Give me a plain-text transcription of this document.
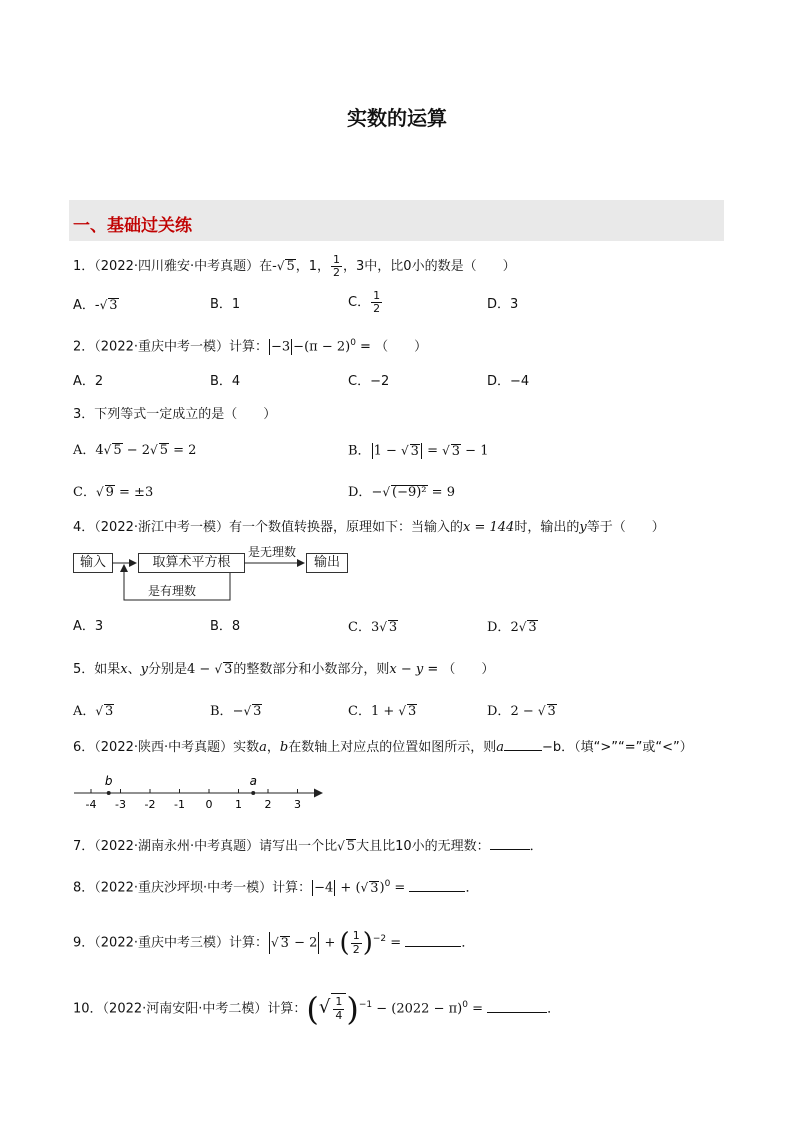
实数的运算
一、基础过关练
1．（2022·四川雅安·中考真题）在-√ 5，1， $\frac{1}{2}$ ，3中，比0小的数是（　　）
A．-√ 3	B．1	C． $\frac{1}{2}$	D．3
2．（2022·重庆中考一模）计算： $-3 -(\pi - 2)^0$ = （　　）
A．2	B．4	C．−2	D．−4
3．下列等式一定成立的是（　　）
A．4√ 5 − 2√ 5 = 2	B． 1 − √ 3 = √ 3 − 1
C．√ 9 = ±3	D．−√ (−9)² = 9
4．（2022·浙江中考一模）有一个数值转换器，原理如下：当输入的x = 144时，输出的y等于（　　）
输入	取算术平方根	输出
是无理数
是有理数
A．3	B．8	C．3√ 3	D．2√ 3
5．如果x、y分别是4 − √ 3的整数部分和小数部分，则x − y = （　　）
A．√ 3	B．−√ 3	C．1 + √ 3	D．2 − √ 3
6．（2022·陕西·中考真题）实数a，b在数轴上对应点的位置如图所示，则a	−b．（填“>”“=”或“<”）
-4 -3 -2 -1 0 1 2 3
b	a
7．（2022·湖南永州·中考真题）请写出一个比√ 5大且比10小的无理数：	．
8．（2022·重庆沙坪坝·中考一模）计算： −4 + (√ 3)$^0$ =	．
9．（2022·重庆中考三模）计算： √ 3 − 2 + ( $\frac{1}{2} )^{-2}$ =	．
10．（2022·河南安阳·中考二模）计算：(√ $\frac{1}{4} )^{-1} - (2022 - \pi)^0$ =	．
